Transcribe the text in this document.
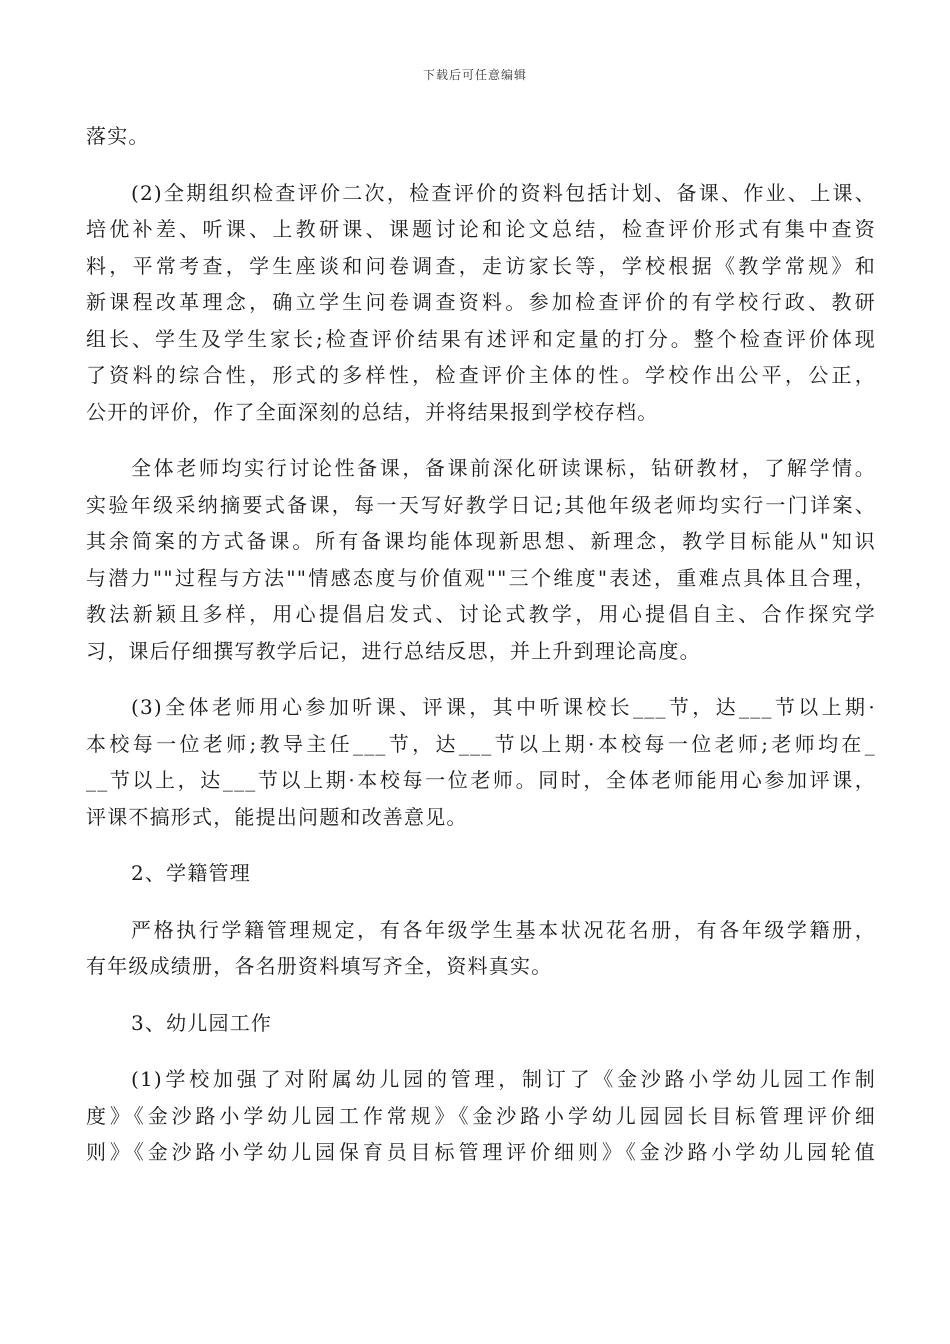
下载后可任意编辑
落实。
(2)全期组织检查评价二次，检查评价的资料包括计划、备课、作业、上课、
培优补差、听课、上教研课、课题讨论和论文总结，检查评价形式有集中查资
料，平常考查，学生座谈和问卷调查，走访家长等，学校根据《教学常规》和
新课程改革理念，确立学生问卷调查资料。参加检查评价的有学校行政、教研
组长、学生及学生家长;检查评价结果有述评和定量的打分。整个检查评价体现
了资料的综合性，形式的多样性，检查评价主体的性。学校作出公平，公正，
公开的评价，作了全面深刻的总结，并将结果报到学校存档。
全体老师均实行讨论性备课，备课前深化研读课标，钻研教材，了解学情。
实验年级采纳摘要式备课，每一天写好教学日记;其他年级老师均实行一门详案、
其余简案的方式备课。所有备课均能体现新思想、新理念，教学目标能从"知识
与潜力""过程与方法""情感态度与价值观""三个维度"表述，重难点具体且合理，
教法新颖且多样，用心提倡启发式、讨论式教学，用心提倡自主、合作探究学
习，课后仔细撰写教学后记，进行总结反思，并上升到理论高度。
(3)全体老师用心参加听课、评课，其中听课校长___节，达___节以上期·
本校每一位老师;教导主任___节，达___节以上期·本校每一位老师;老师均在_
__节以上，达___节以上期·本校每一位老师。同时，全体老师能用心参加评课，
评课不搞形式，能提出问题和改善意见。
2、学籍管理
严格执行学籍管理规定，有各年级学生基本状况花名册，有各年级学籍册，
有年级成绩册，各名册资料填写齐全，资料真实。
3、幼儿园工作
(1)学校加强了对附属幼儿园的管理，制订了《金沙路小学幼儿园工作制
度》《金沙路小学幼儿园工作常规》《金沙路小学幼儿园园长目标管理评价细
则》《金沙路小学幼儿园保育员目标管理评价细则》《金沙路小学幼儿园轮值
